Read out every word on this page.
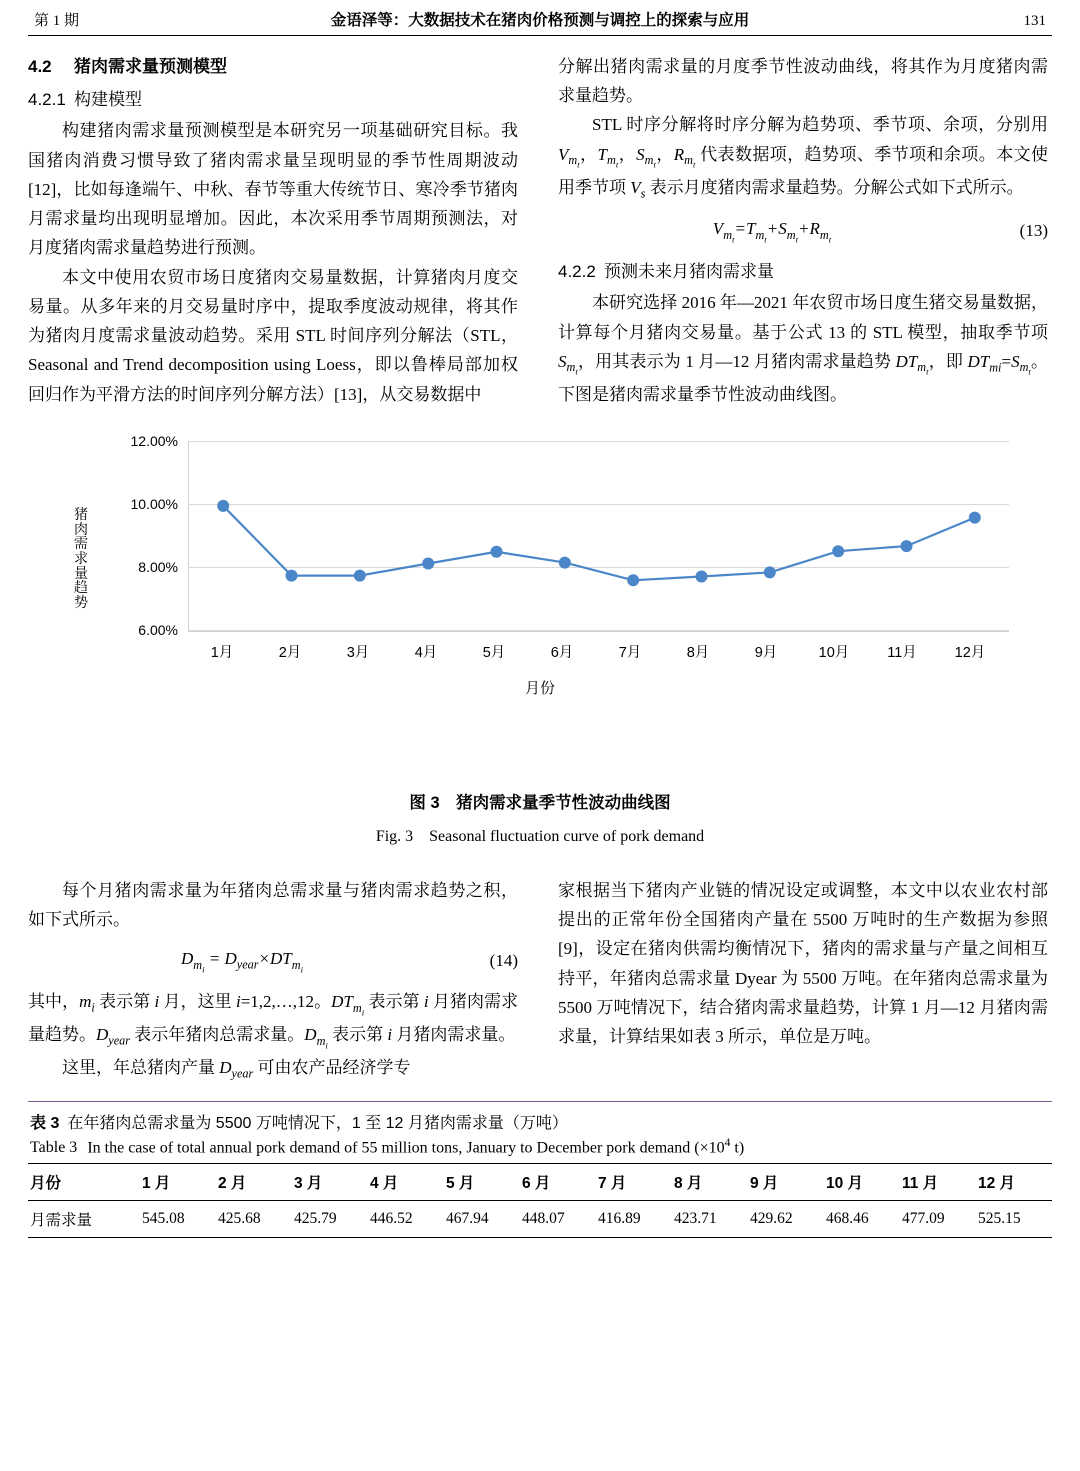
第 1 期	金语泽等：大数据技术在猪肉价格预测与调控上的探索与应用	131
4.2 猪肉需求量预测模型
4.2.1 构建模型

构建猪肉需求量预测模型是本研究另一项基础研究目标。我国猪肉消费习惯导致了猪肉需求量呈现明显的季节性周期波动[12]，比如每逢端午、中秋、春节等重大传统节日、寒冷季节猪肉月需求量均出现明显增加。因此，本次采用季节周期预测法，对月度猪肉需求量趋势进行预测。

本文中使用农贸市场日度猪肉交易量数据，计算猪肉月度交易量。从多年来的月交易量时序中，提取季度波动规律，将其作为猪肉月度需求量波动趋势。采用 STL 时间序列分解法（STL，Seasonal and Trend decomposition using Loess，即以鲁棒局部加权回归作为平滑方法的时间序列分解方法）[13]，从交易数据中

分解出猪肉需求量的月度季节性波动曲线，将其作为月度猪肉需求量趋势。

STL 时序分解将时序分解为趋势项、季节项、余项，分别用 $V_{m_t}$，$T_{m_t}$，$S_{m_t}$，$R_{m_t}$ 代表数据项，趋势项、季节项和余项。本文使用季节项 $V_s$ 表示月度猪肉需求量趋势。分解公式如下式所示。

$V_{m_t}=T_{m_t}+S_{m_t}+R_{m_t}$	(13)
4.2.2 预测未来月猪肉需求量

本研究选择 2016 年—2021 年农贸市场日度生猪交易量数据，计算每个月猪肉交易量。基于公式 13 的 STL 模型，抽取季节项 $S_{m_t}$，用其表示为 1 月—12 月猪肉需求量趋势 $DT_{m_t}$，即 $DT_{mi}=S_{m_t}$。下图是猪肉需求量季节性波动曲线图。

猪
肉
需
求
量
趋
势
12.00%
10.00%
8.00%
6.00%
1月	2月	3月	4月	5月	6月	7月	8月	9月	10月	11月	12月
月份
图 3　猪肉需求量季节性波动曲线图
Fig. 3　Seasonal fluctuation curve of pork demand

每个月猪肉需求量为年猪肉总需求量与猪肉需求趋势之积，如下式所示。

$D_{m_i} = D_{year}\times DT_{m_i}$	(14)

其中，$m_i$ 表示第 i 月，这里 i=1,2,…,12。$DT_{m_i}$ 表示第 i 月猪肉需求量趋势。$D_{year}$ 表示年猪肉总需求量。$D_{m_i}$ 表示第 i 月猪肉需求量。

这里，年总猪肉产量 $D_{year}$ 可由农产品经济学专

家根据当下猪肉产业链的情况设定或调整，本文中以农业农村部提出的正常年份全国猪肉产量在 5500 万吨时的生产数据为参照[9]，设定在猪肉供需均衡情况下，猪肉的需求量与产量之间相互持平，年猪肉总需求量 Dyear 为 5500 万吨。在年猪肉总需求量为 5500 万吨情况下，结合猪肉需求量趋势，计算 1 月—12 月猪肉需求量，计算结果如表 3 所示，单位是万吨。

表 3 在年猪肉总需求量为 5500 万吨情况下，1 至 12 月猪肉需求量（万吨）
Table 3 In the case of total annual pork demand of 55 million tons, January to December pork demand ($\times 10^4$ t)
月份	1 月	2 月	3 月	4 月	5 月	6 月	7 月	8 月	9 月	10 月	11 月	12 月
月需求量	545.08	425.68	425.79	446.52	467.94	448.07	416.89	423.71	429.62	468.46	477.09	525.15
